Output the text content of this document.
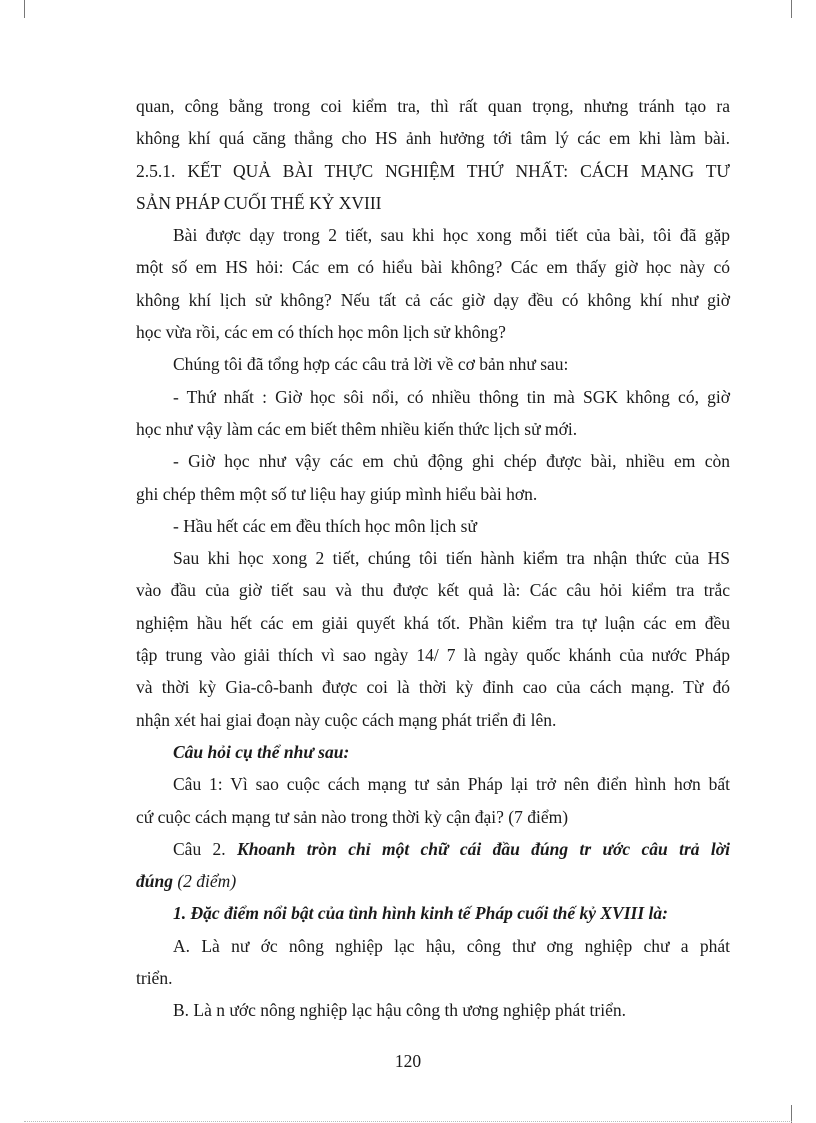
quan, công bằng trong coi kiểm tra, thì rất quan trọng, nhưng tránh tạo ra
không khí quá căng thẳng cho HS ảnh hưởng tới tâm lý các em khi làm bài.
2.5.1. KẾT QUẢ BÀI THỰC NGHIỆM THỨ NHẤT: CÁCH MẠNG TƯ
SẢN PHÁP CUỐI THẾ KỶ XVIII
Bài được dạy trong 2 tiết, sau khi học xong mỗi tiết của bài, tôi đã gặp
một số em HS hỏi: Các em có hiểu bài không? Các em thấy giờ học này có
không khí lịch sử không? Nếu tất cả các giờ dạy đều có không khí như giờ
học vừa rồi, các em có thích học môn lịch sử không?
Chúng tôi đã tổng hợp các câu trả lời về cơ bản như sau:
- Thứ nhất : Giờ học sôi nổi, có nhiều thông tin mà SGK không có, giờ
học như vậy làm các em biết thêm nhiều kiến thức lịch sử mới.
- Giờ học như vậy các em chủ động ghi chép được bài, nhiều em còn
ghi chép thêm một số tư liệu hay giúp mình hiểu bài hơn.
- Hầu hết các em đều thích học môn lịch sử
Sau khi học xong 2 tiết, chúng tôi tiến hành kiểm tra nhận thức của HS
vào đầu của giờ tiết sau và thu được kết quả là: Các câu hỏi kiểm tra trắc
nghiệm hầu hết các em giải quyết khá tốt. Phần kiểm tra tự luận các em đều
tập trung vào giải thích vì sao ngày 14/ 7 là ngày quốc khánh của nước Pháp
và thời kỳ Gia-cô-banh được coi là thời kỳ đỉnh cao của cách mạng. Từ đó
nhận xét hai giai đoạn này cuộc cách mạng phát triển đi lên.
Câu hỏi cụ thể như sau:
Câu 1: Vì sao cuộc cách mạng tư sản Pháp lại trở nên điển hình hơn bất
cứ cuộc cách mạng tư sản nào trong thời kỳ cận đại? (7 điểm)
Câu 2. Khoanh tròn chỉ một chữ cái đầu đúng tr ước câu trả lời
đúng (2 điểm)
1. Đặc điểm nổi bật của tình hình kinh tế Pháp cuối thế kỷ XVIII là:
A. Là nư ớc nông nghiệp lạc hậu, công thư ơng nghiệp chư a phát
triển.
B. Là n ước nông nghiệp lạc hậu công th ương nghiệp phát triển.
120
